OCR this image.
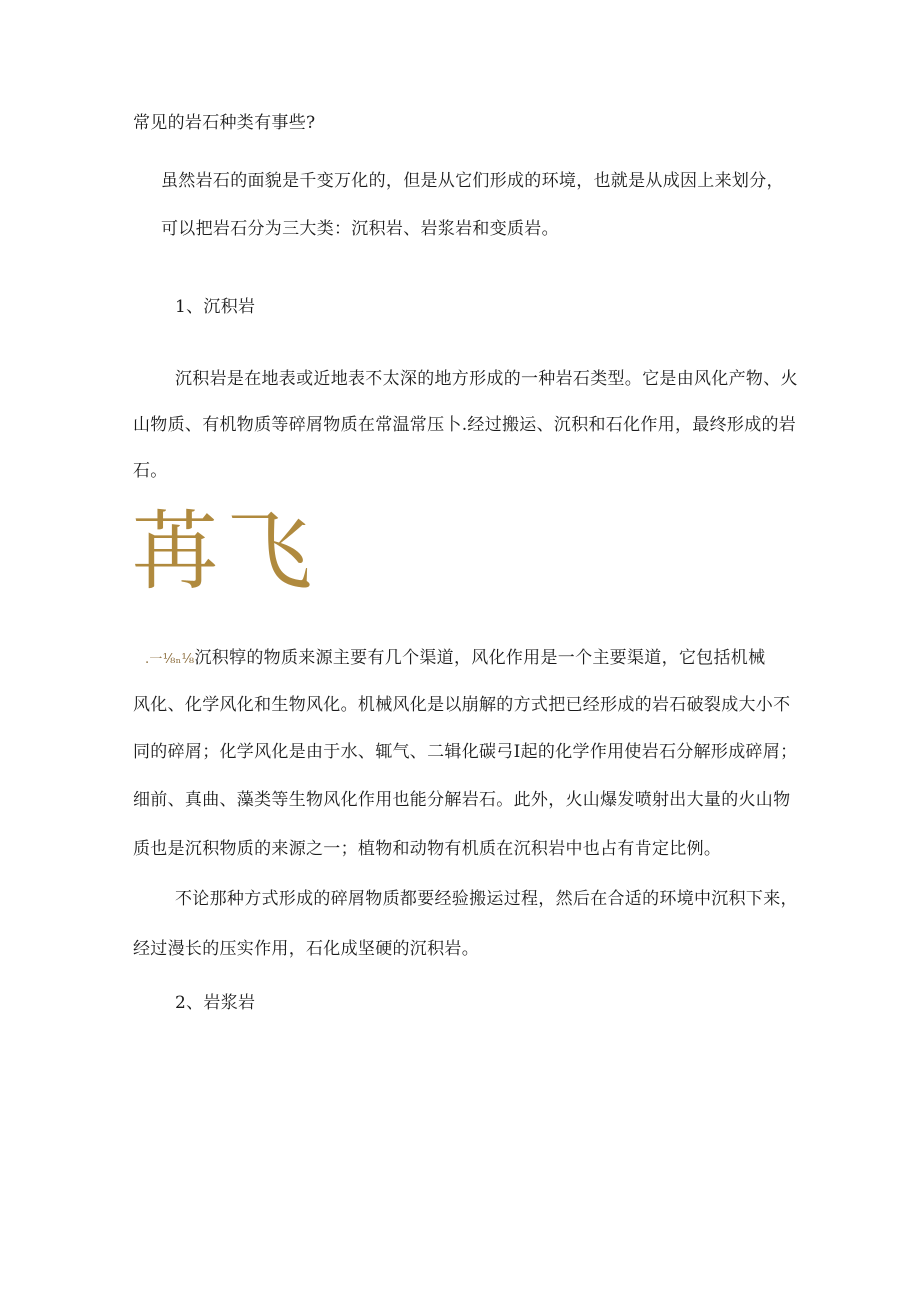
常见的岩石种类有事些?
虽然岩石的面貌是千变万化的，但是从它们形成的环境，也就是从成因上来划分，
可以把岩石分为三大类：沉积岩、岩浆岩和变质岩。
1、沉积岩
沉积岩是在地表或近地表不太深的地方形成的一种岩石类型。它是由风化产物、火
山物质、有机物质等碎屑物质在常温常压卜.经过搬运、沉积和石化作用，最终形成的岩
石。
苒飞
.一⅛ₙ⅛沉积犉的物质来源主要有几个渠道，风化作用是一个主要渠道，它包括机械
风化、化学风化和生物风化。机械风化是以崩解的方式把已经形成的岩石破裂成大小不
同的碎屑；化学风化是由于水、辄气、二辑化碳弓I起的化学作用使岩石分解形成碎屑；
细前、真曲、藻类等生物风化作用也能分解岩石。此外，火山爆发喷射出大量的火山物
质也是沉积物质的来源之一；植物和动物有机质在沉积岩中也占有肯定比例。
不论那种方式形成的碎屑物质都要经验搬运过程，然后在合适的环境中沉积下来，
经过漫长的压实作用，石化成坚硬的沉积岩。
2、岩浆岩
